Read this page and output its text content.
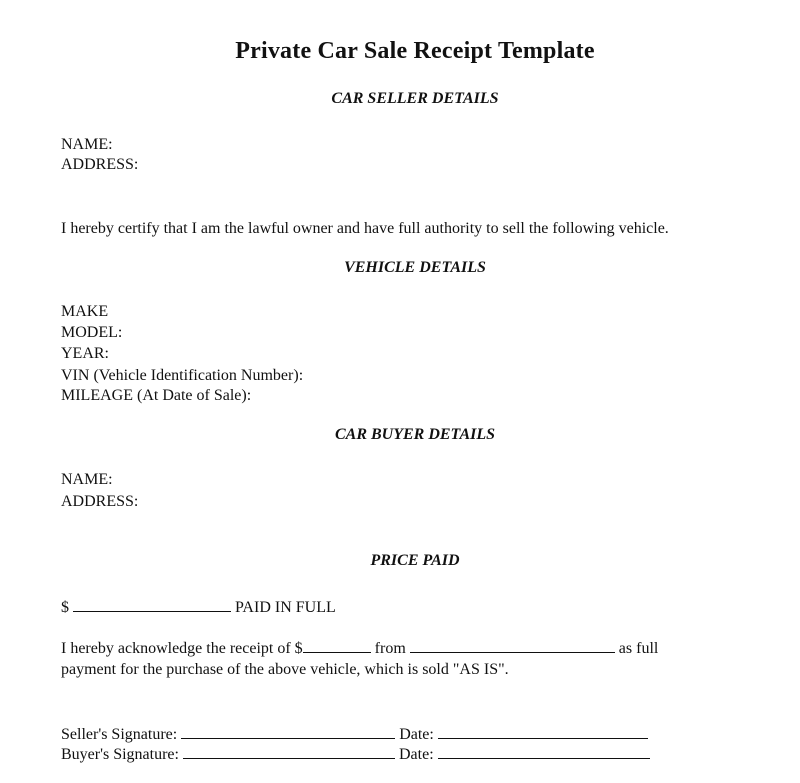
Private Car Sale Receipt Template
CAR SELLER DETAILS
NAME:
ADDRESS:
I hereby certify that I am the lawful owner and have full authority to sell the following vehicle.
VEHICLE DETAILS
MAKE
MODEL:
YEAR:
VIN (Vehicle Identification Number):
MILEAGE (At Date of Sale):
CAR BUYER DETAILS
NAME:
ADDRESS:
PRICE PAID
$	PAID IN FULL
I hereby acknowledge the receipt of $	from	as full
payment for the purchase of the above vehicle, which is sold "AS IS".
Seller's Signature:	Date:
Buyer's Signature:	Date:
